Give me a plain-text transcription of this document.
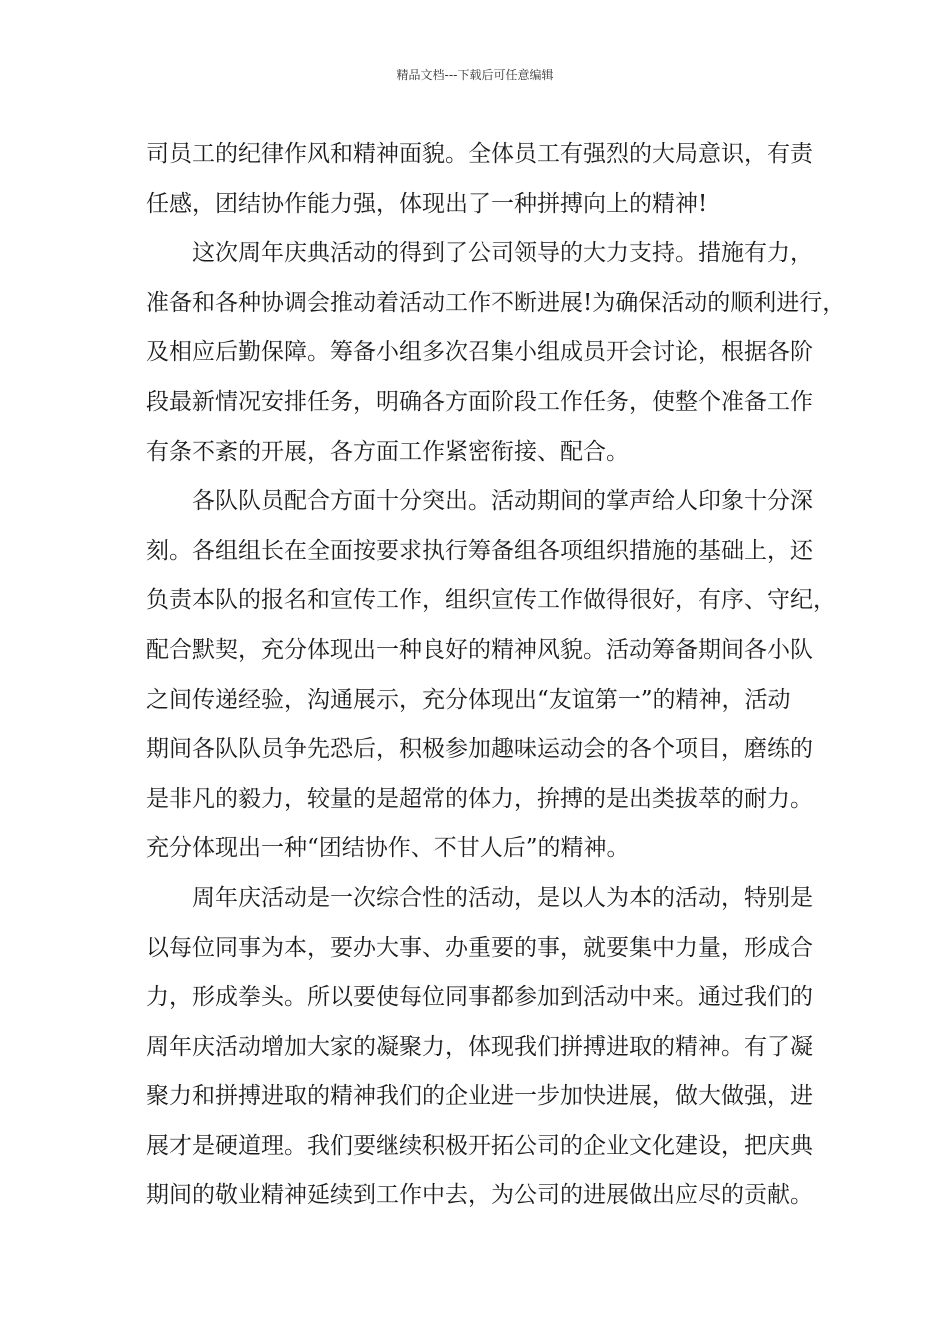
精品文档---下载后可任意编辑
司员工的纪律作风和精神面貌。全体员工有强烈的大局意识，有责
任感，团结协作能力强，体现出了一种拼搏向上的精神!
这次周年庆典活动的得到了公司领导的大力支持。措施有力，
准备和各种协调会推动着活动工作不断进展!为确保活动的顺利进行，
及相应后勤保障。筹备小组多次召集小组成员开会讨论，根据各阶
段最新情况安排任务，明确各方面阶段工作任务，使整个准备工作
有条不紊的开展，各方面工作紧密衔接、配合。
各队队员配合方面十分突出。活动期间的掌声给人印象十分深
刻。各组组长在全面按要求执行筹备组各项组织措施的基础上，还
负责本队的报名和宣传工作，组织宣传工作做得很好，有序、守纪，
配合默契，充分体现出一种良好的精神风貌。活动筹备期间各小队
之间传递经验，沟通展示，充分体现出“友谊第一”的精神，活动
期间各队队员争先恐后，积极参加趣味运动会的各个项目，磨练的
是非凡的毅力，较量的是超常的体力，拚搏的是出类拔萃的耐力。
充分体现出一种“团结协作、不甘人后”的精神。
周年庆活动是一次综合性的活动，是以人为本的活动，特别是
以每位同事为本，要办大事、办重要的事，就要集中力量，形成合
力，形成拳头。所以要使每位同事都参加到活动中来。通过我们的
周年庆活动增加大家的凝聚力，体现我们拼搏进取的精神。有了凝
聚力和拼搏进取的精神我们的企业进一步加快进展，做大做强，进
展才是硬道理。我们要继续积极开拓公司的企业文化建设，把庆典
期间的敬业精神延续到工作中去，为公司的进展做出应尽的贡献。
